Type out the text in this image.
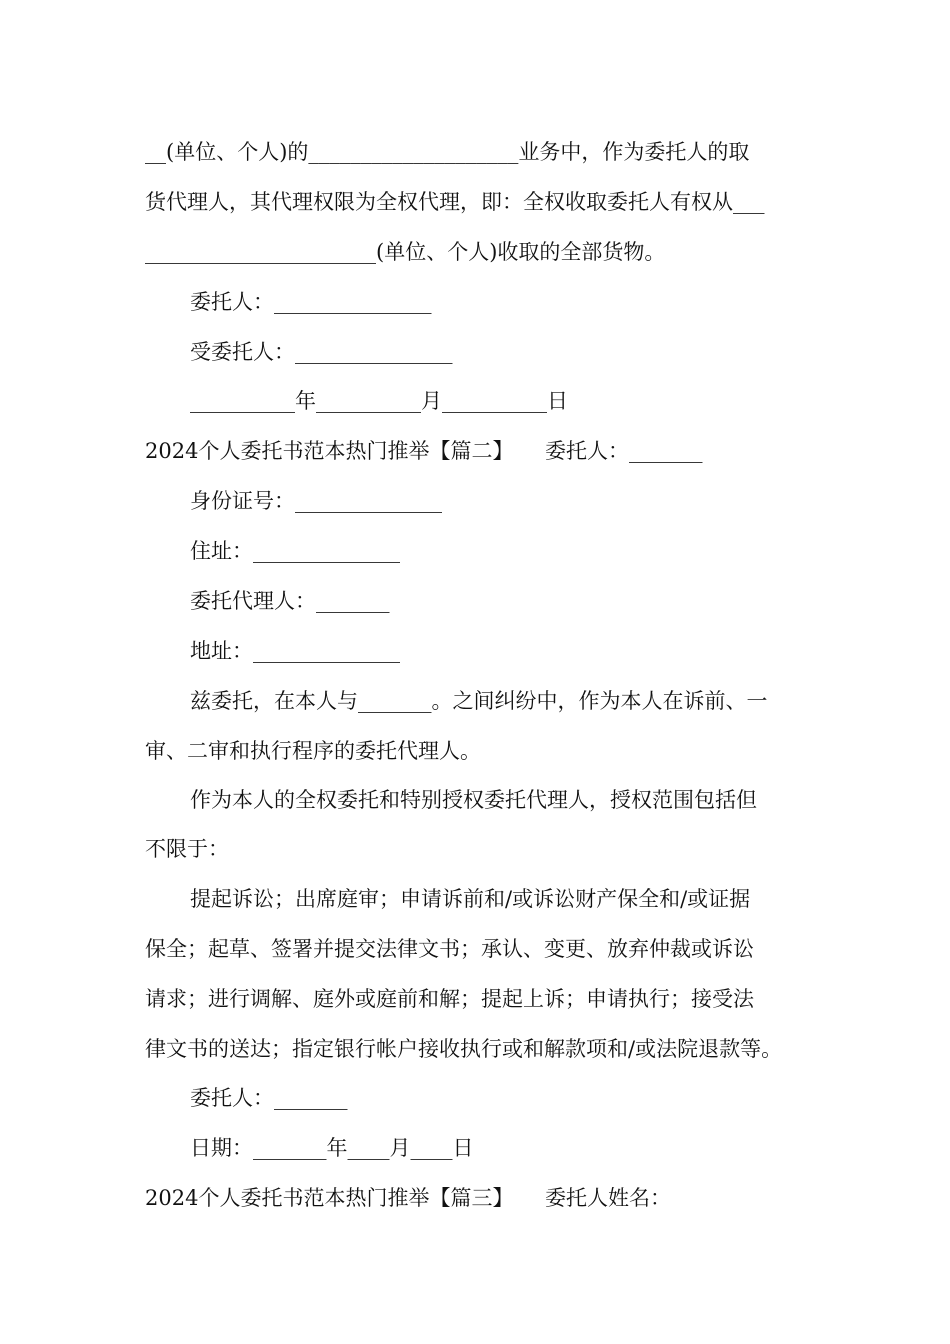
__(单位、个人)的____________________业务中，作为委托人的取
货代理人，其代理权限为全权代理，即：全权收取委托人有权从___
______________________(单位、个人)收取的全部货物。
委托人：_______________
受委托人：_______________
__________年__________月__________日
2024个人委托书范本热门推举【篇二】　　委托人：_______
身份证号：______________
住址：______________
委托代理人：_______
地址：______________
兹委托，在本人与_______。之间纠纷中，作为本人在诉前、一
审、二审和执行程序的委托代理人。
作为本人的全权委托和特别授权委托代理人，授权范围包括但
不限于：
提起诉讼；出席庭审；申请诉前和/或诉讼财产保全和/或证据
保全；起草、签署并提交法律文书；承认、变更、放弃仲裁或诉讼
请求；进行调解、庭外或庭前和解；提起上诉；申请执行；接受法
律文书的送达；指定银行帐户接收执行或和解款项和/或法院退款等。
委托人：_______
日期：_______年____月____日
2024个人委托书范本热门推举【篇三】　　委托人姓名：
